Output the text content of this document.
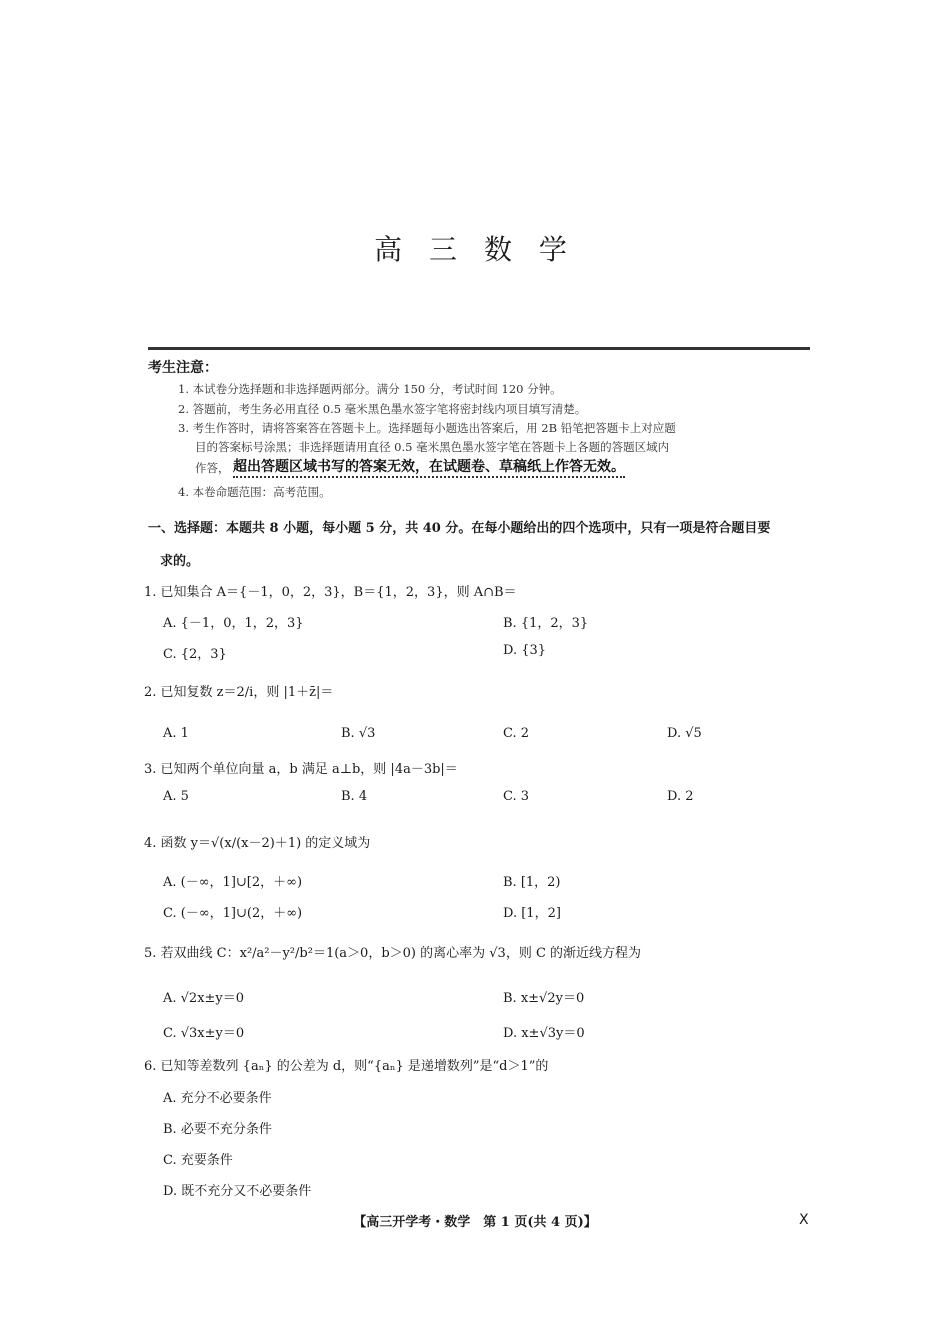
高 三 数 学
考生注意：
1. 本试卷分选择题和非选择题两部分。满分 150 分，考试时间 120 分钟。
2. 答题前，考生务必用直径 0.5 毫米黑色墨水签字笔将密封线内项目填写清楚。
3. 考生作答时，请将答案答在答题卡上。选择题每小题选出答案后，用 2B 铅笔把答题卡上对应题
目的答案标号涂黑；非选择题请用直径 0.5 毫米黑色墨水签字笔在答题卡上各题的答题区域内
作答， 超出答题区域书写的答案无效，在试题卷、草稿纸上作答无效。
4. 本卷命题范围：高考范围。
一、选择题：本题共 8 小题，每小题 5 分，共 40 分。在每小题给出的四个选项中，只有一项是符合题目要
求的。
1. 已知集合 A＝{－1，0，2，3}，B＝{1，2，3}，则 A∩B＝
A. {－1，0，1，2，3}	B. {1，2，3}
C. {2，3}	D. {3}
2. 已知复数 z＝2/i，则 |1＋z̄|＝
A. 1	B. √3	C. 2	D. √5
3. 已知两个单位向量 a，b 满足 a⊥b，则 |4a－3b|＝
A. 5	B. 4	C. 3	D. 2
4. 函数 y＝√(x/(x－2)＋1) 的定义域为
A. (－∞，1]∪[2，＋∞)	B. [1，2)
C. (－∞，1]∪(2，＋∞)	D. [1，2]
5. 若双曲线 C：x²/a²－y²/b²＝1(a＞0，b＞0) 的离心率为 √3，则 C 的渐近线方程为
A. √2x±y＝0	B. x±√2y＝0
C. √3x±y＝0	D. x±√3y＝0
6. 已知等差数列 {aₙ} 的公差为 d，则“{aₙ} 是递增数列”是“d＞1”的
A. 充分不必要条件
B. 必要不充分条件
C. 充要条件
D. 既不充分又不必要条件
【高三开学考・数学　第 1 页(共 4 页)】	X
